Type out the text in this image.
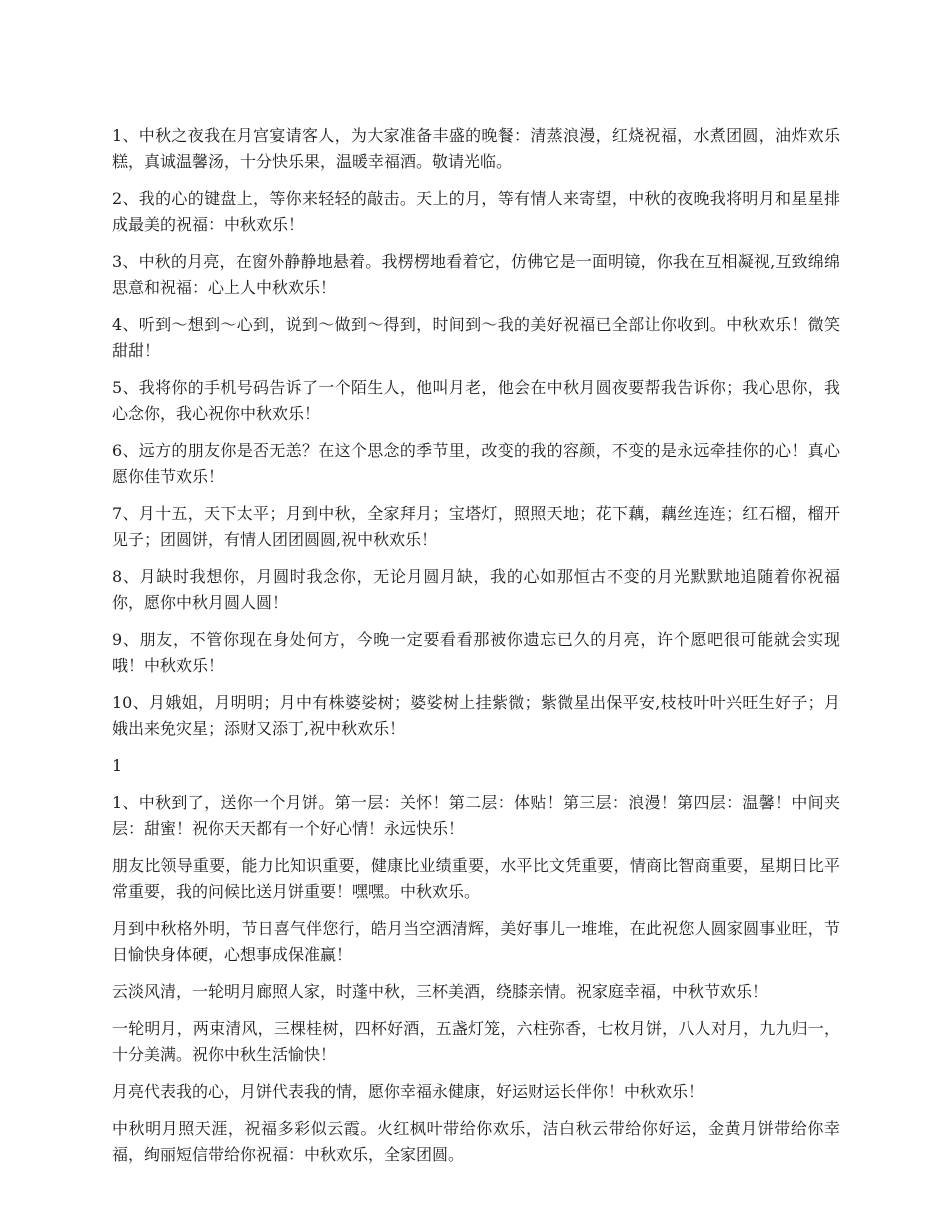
1、中秋之夜我在月宫宴请客人，为大家准备丰盛的晚餐：清蒸浪漫，红烧祝福，水煮团圆，油炸欢乐糕，真诚温馨汤，十分快乐果，温暖幸福酒。敬请光临。

2、我的心的键盘上，等你来轻轻的敲击。天上的月，等有情人来寄望，中秋的夜晚我将明月和星星排成最美的祝福：中秋欢乐！

3、中秋的月亮，在窗外静静地悬着。我楞楞地看着它，仿佛它是一面明镜，你我在互相凝视,互致绵绵思意和祝福：心上人中秋欢乐！

4、听到～想到～心到，说到～做到～得到，时间到～我的美好祝福已全部让你收到。中秋欢乐！微笑甜甜！

5、我将你的手机号码告诉了一个陌生人，他叫月老，他会在中秋月圆夜要帮我告诉你；我心思你，我心念你，我心祝你中秋欢乐！

6、远方的朋友你是否无恙？在这个思念的季节里，改变的我的容颜，不变的是永远牵挂你的心！真心愿你佳节欢乐！

7、月十五，天下太平；月到中秋，全家拜月；宝塔灯，照照天地；花下藕，藕丝连连；红石榴，榴开见子；团圆饼，有情人团团圆圆,祝中秋欢乐！

8、月缺时我想你，月圆时我念你，无论月圆月缺，我的心如那恒古不变的月光默默地追随着你祝福你，愿你中秋月圆人圆！

9、朋友，不管你现在身处何方，今晚一定要看看那被你遗忘已久的月亮，许个愿吧很可能就会实现哦！中秋欢乐！

10、月娥姐，月明明；月中有株婆娑树；婆娑树上挂紫微；紫微星出保平安,枝枝叶叶兴旺生好子；月娥出来免灾星；添财又添丁,祝中秋欢乐！

1

1、中秋到了，送你一个月饼。第一层：关怀！第二层：体贴！第三层：浪漫！第四层：温馨！中间夹层：甜蜜！祝你天天都有一个好心情！永远快乐！

朋友比领导重要，能力比知识重要，健康比业绩重要，水平比文凭重要，情商比智商重要，星期日比平常重要，我的问候比送月饼重要！嘿嘿。中秋欢乐。

月到中秋格外明，节日喜气伴您行，皓月当空洒清辉，美好事儿一堆堆，在此祝您人圆家圆事业旺，节日愉快身体硬，心想事成保准赢！

云淡风清，一轮明月廊照人家，时蓬中秋，三杯美酒，绕膝亲情。祝家庭幸福，中秋节欢乐！

一轮明月，两束清风，三棵桂树，四杯好酒，五盏灯笼，六柱弥香，七枚月饼，八人对月，九九归一，十分美满。祝你中秋生活愉快！

月亮代表我的心，月饼代表我的情，愿你幸福永健康，好运财运长伴你！中秋欢乐！

中秋明月照天涯，祝福多彩似云霞。火红枫叶带给你欢乐，洁白秋云带给你好运，金黄月饼带给你幸福，绚丽短信带给你祝福：中秋欢乐，全家团圆。
